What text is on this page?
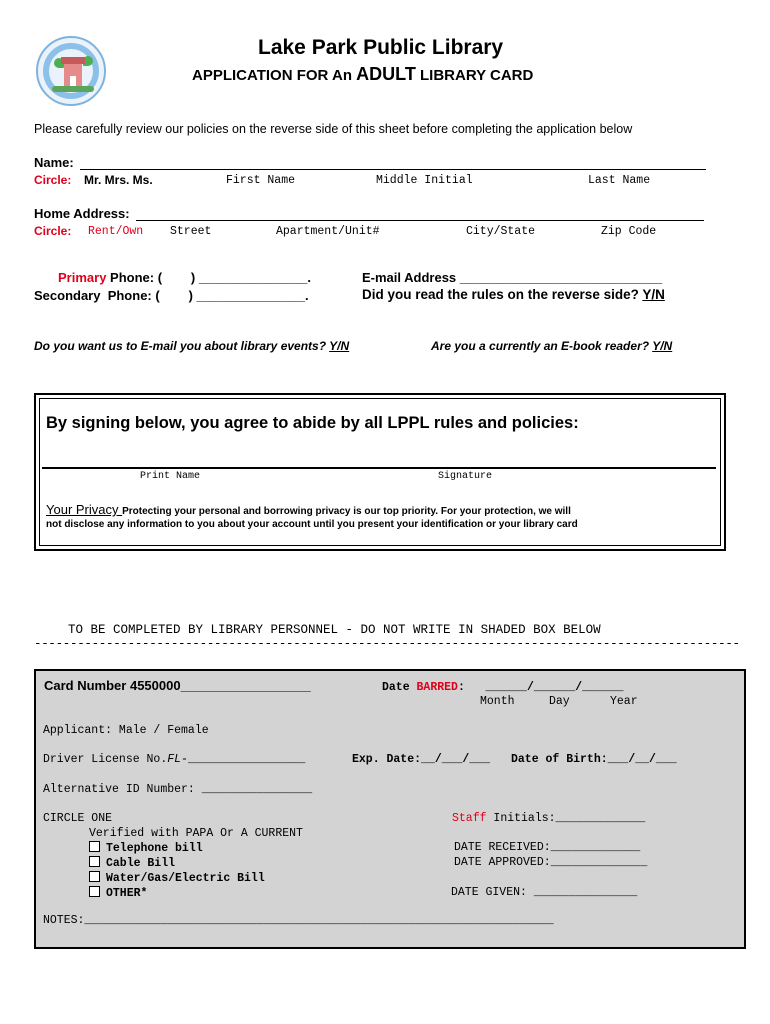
Lake Park Public Library
APPLICATION FOR An ADULT LIBRARY CARD
Please carefully review our policies on the reverse side of this sheet before completing the application below
Name:
Circle: Mr. Mrs. Ms.	First Name	Middle Initial	Last Name
Home Address:
Circle: Rent/Own Street	Apartment/Unit#	City/State	Zip Code
Primary Phone: (        ) _______________.
Secondary  Phone: (        ) _______________.
E-mail Address ____________________________
Did you read the rules on the reverse side? Y/N
Do you want us to E-mail you about library events? Y/N	Are you a currently an E-book reader? Y/N
By signing below, you agree to abide by all LPPL rules and policies:
Print Name	Signature
Your Privacy Protecting your personal and borrowing privacy is our top priority. For your protection, we will
not disclose any information to you about your account until you present your identification or your library card
TO BE COMPLETED BY LIBRARY PERSONNEL - DO NOT WRITE IN SHADED BOX BELOW
--------------------------------------------------------------------------------------------------
Card Number 4550000__________________	Date BARRED:   ______/______/______
Month	Day	Year
Applicant: Male / Female
Driver License No.FL-_________________	Exp. Date:__/___/___ Date of Birth:___/__/___
Alternative ID Number: ________________
CIRCLE ONE
Verified with PAPA Or A CURRENT
Telephone bill
Cable Bill
Water/Gas/Electric Bill
OTHER*
Staff Initials:_____________
DATE RECEIVED:_____________
DATE APPROVED:______________
DATE GIVEN: _______________
NOTES:____________________________________________________________________
